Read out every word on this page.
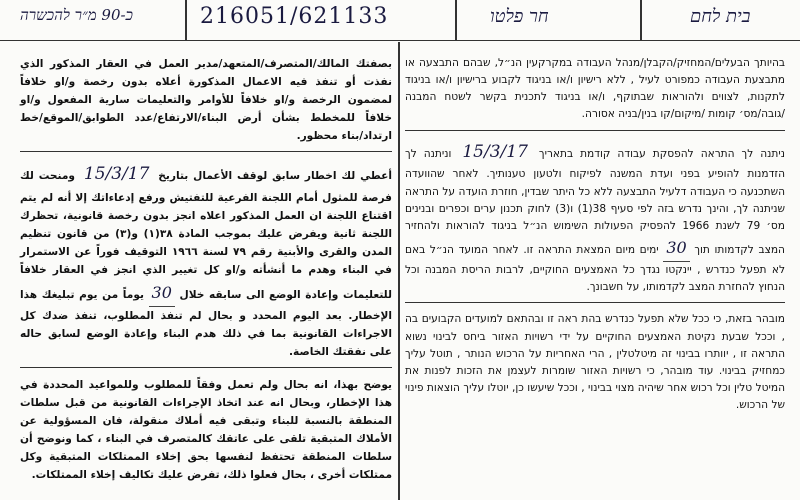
כ-90 מ״ר להכשרה	216051/621133	חר פלטו	בית לחם

بصفتك المالك/المتصرف/المتعهد/مدير العمل في العقار المذكور الذي نفذت أو تنفذ فيه الاعمال المذكورة أعلاه بدون رخصة و/او خلافاً لمضمون الرخصة و/او خلافاً للأوامر والتعليمات سارية المفعول و/او خلافاً للمخطط بشأن أرض البناء/الارتفاع/عدد الطوابق/الموقع/خط ارتداد/بناء محظور.

أعطي لك اخطار سابق لوقف الأعمال بتاريخ 15/3/17 ومنحت لك فرصة للمثول أمام اللجنة الفرعية للتفتيش ورفع إدعاءاتك إلا أنه لم يتم اقتناع اللجنة ان العمل المذكور اعلاه انجز بدون رخصة قانونية، تحظرك اللجنة ثانية ويفرض عليك بموجب المادة ٣٨(١) و(٣) من قانون تنظيم المدن والقرى والأبنية رقم ٧٩ لسنة ١٩٦٦ التوقيف فوراً عن الاستمرار في البناء وهدم ما أنشأته و/او كل تغيير الذي انجز في العقار خلافاً للتعليمات وإعادة الوضع الى سابقه خلال 30 يوماً من يوم تبليغك هذا الإخطار. بعد اليوم المحدد و بحال لم تنفذ المطلوب، تنفذ ضدك كل الاجراءات القانونية بما في ذلك هدم البناء وإعادة الوضع لسابق حاله على نفقتك الخاصة.

يوضح بهذا، انه بحال ولم تعمل وفقاً للمطلوب وللمواعيد المحددة في هذا الإخطار، وبحال انه عند اتخاذ الإجراءات القانونية من قبل سلطات المنطقة بالنسبة للبناء وتبقى فيه أملاك منقولة، فان المسؤولية عن الأملاك المتبقية تلقى على عاتقك كالمتصرف في البناء ، كما ونوضح أن سلطات المنطقة تحتفظ لنفسها بحق إخلاء الممتلكات المتبقية وكل ممتلكات أخرى ، بحال فعلوا ذلك، تفرض عليك تكاليف إخلاء الممتلكات.

בהיותך הבעלים/המחזיק/הקבלן/מנהל העבודה במקרקעין הנ״ל, שבהם התבצעה או מתבצעת העבודה כמפורט לעיל , ללא רישיון ו/או בניגוד לקבוע ברישיון ו/או בניגוד לתקנות, לצווים ולהוראות שבתוקף, ו/או בניגוד לתכנית בקשר לשטח המבנה /גובה/מס׳ קומות /מיקום/קו בנין/בניה אסורה.

ניתנה לך התראה להפסקת עבודה קודמת בתאריך 15/3/17 וניתנה לך הזדמנות להופיע בפני ועדת המשנה לפיקוח ולטעון טענותיך. לאחר שהוועדה השתכנעה כי העבודה דלעיל התבצעה ללא כל היתר שבדין, חוזרת הועדה על התראה שניתנה לך, והינך נדרש בזה לפי סעיף 38(1) ו(3) לחוק תכנון ערים וכפרים ובנינים מס׳ 79 לשנת 1966 להפסיק הפעולות השימוש הנ״ל בניגוד להוראות ולהחזיר המצב לקדמותו תוך 30 ימים מיום המצאת התראה זו. לאחר המועד הנ״ל באם לא תפעל כנדרש , יינקטו נגדך כל האמצעים החוקיים, לרבות הריסת המבנה וכל הנחוץ להחזרת המצב לקדמותו, על חשבונך.

מובהר בזאת, כי ככל שלא תפעל כנדרש בהת ראה זו ובהתאם למועדים הקבועים בה , וככל שבעת נקיטת האמצעים החוקיים על ידי רשויות האזור ביחס לבינוי נשוא התראה זו , יוותרו בבינוי זה מיטלטלין , הרי האחריות על הרכוש הנותר , תוטל עליך כמחזיק בבינוי. עוד מובהר, כי רשויות האזור שומרות לעצמן את הזכות לפנות את המיטל טלין וכל רכוש אחר שיהיה מצוי בבינוי , וככל שיעשו כן, יוטלו עליך הוצאות פינוי של הרכוש.
